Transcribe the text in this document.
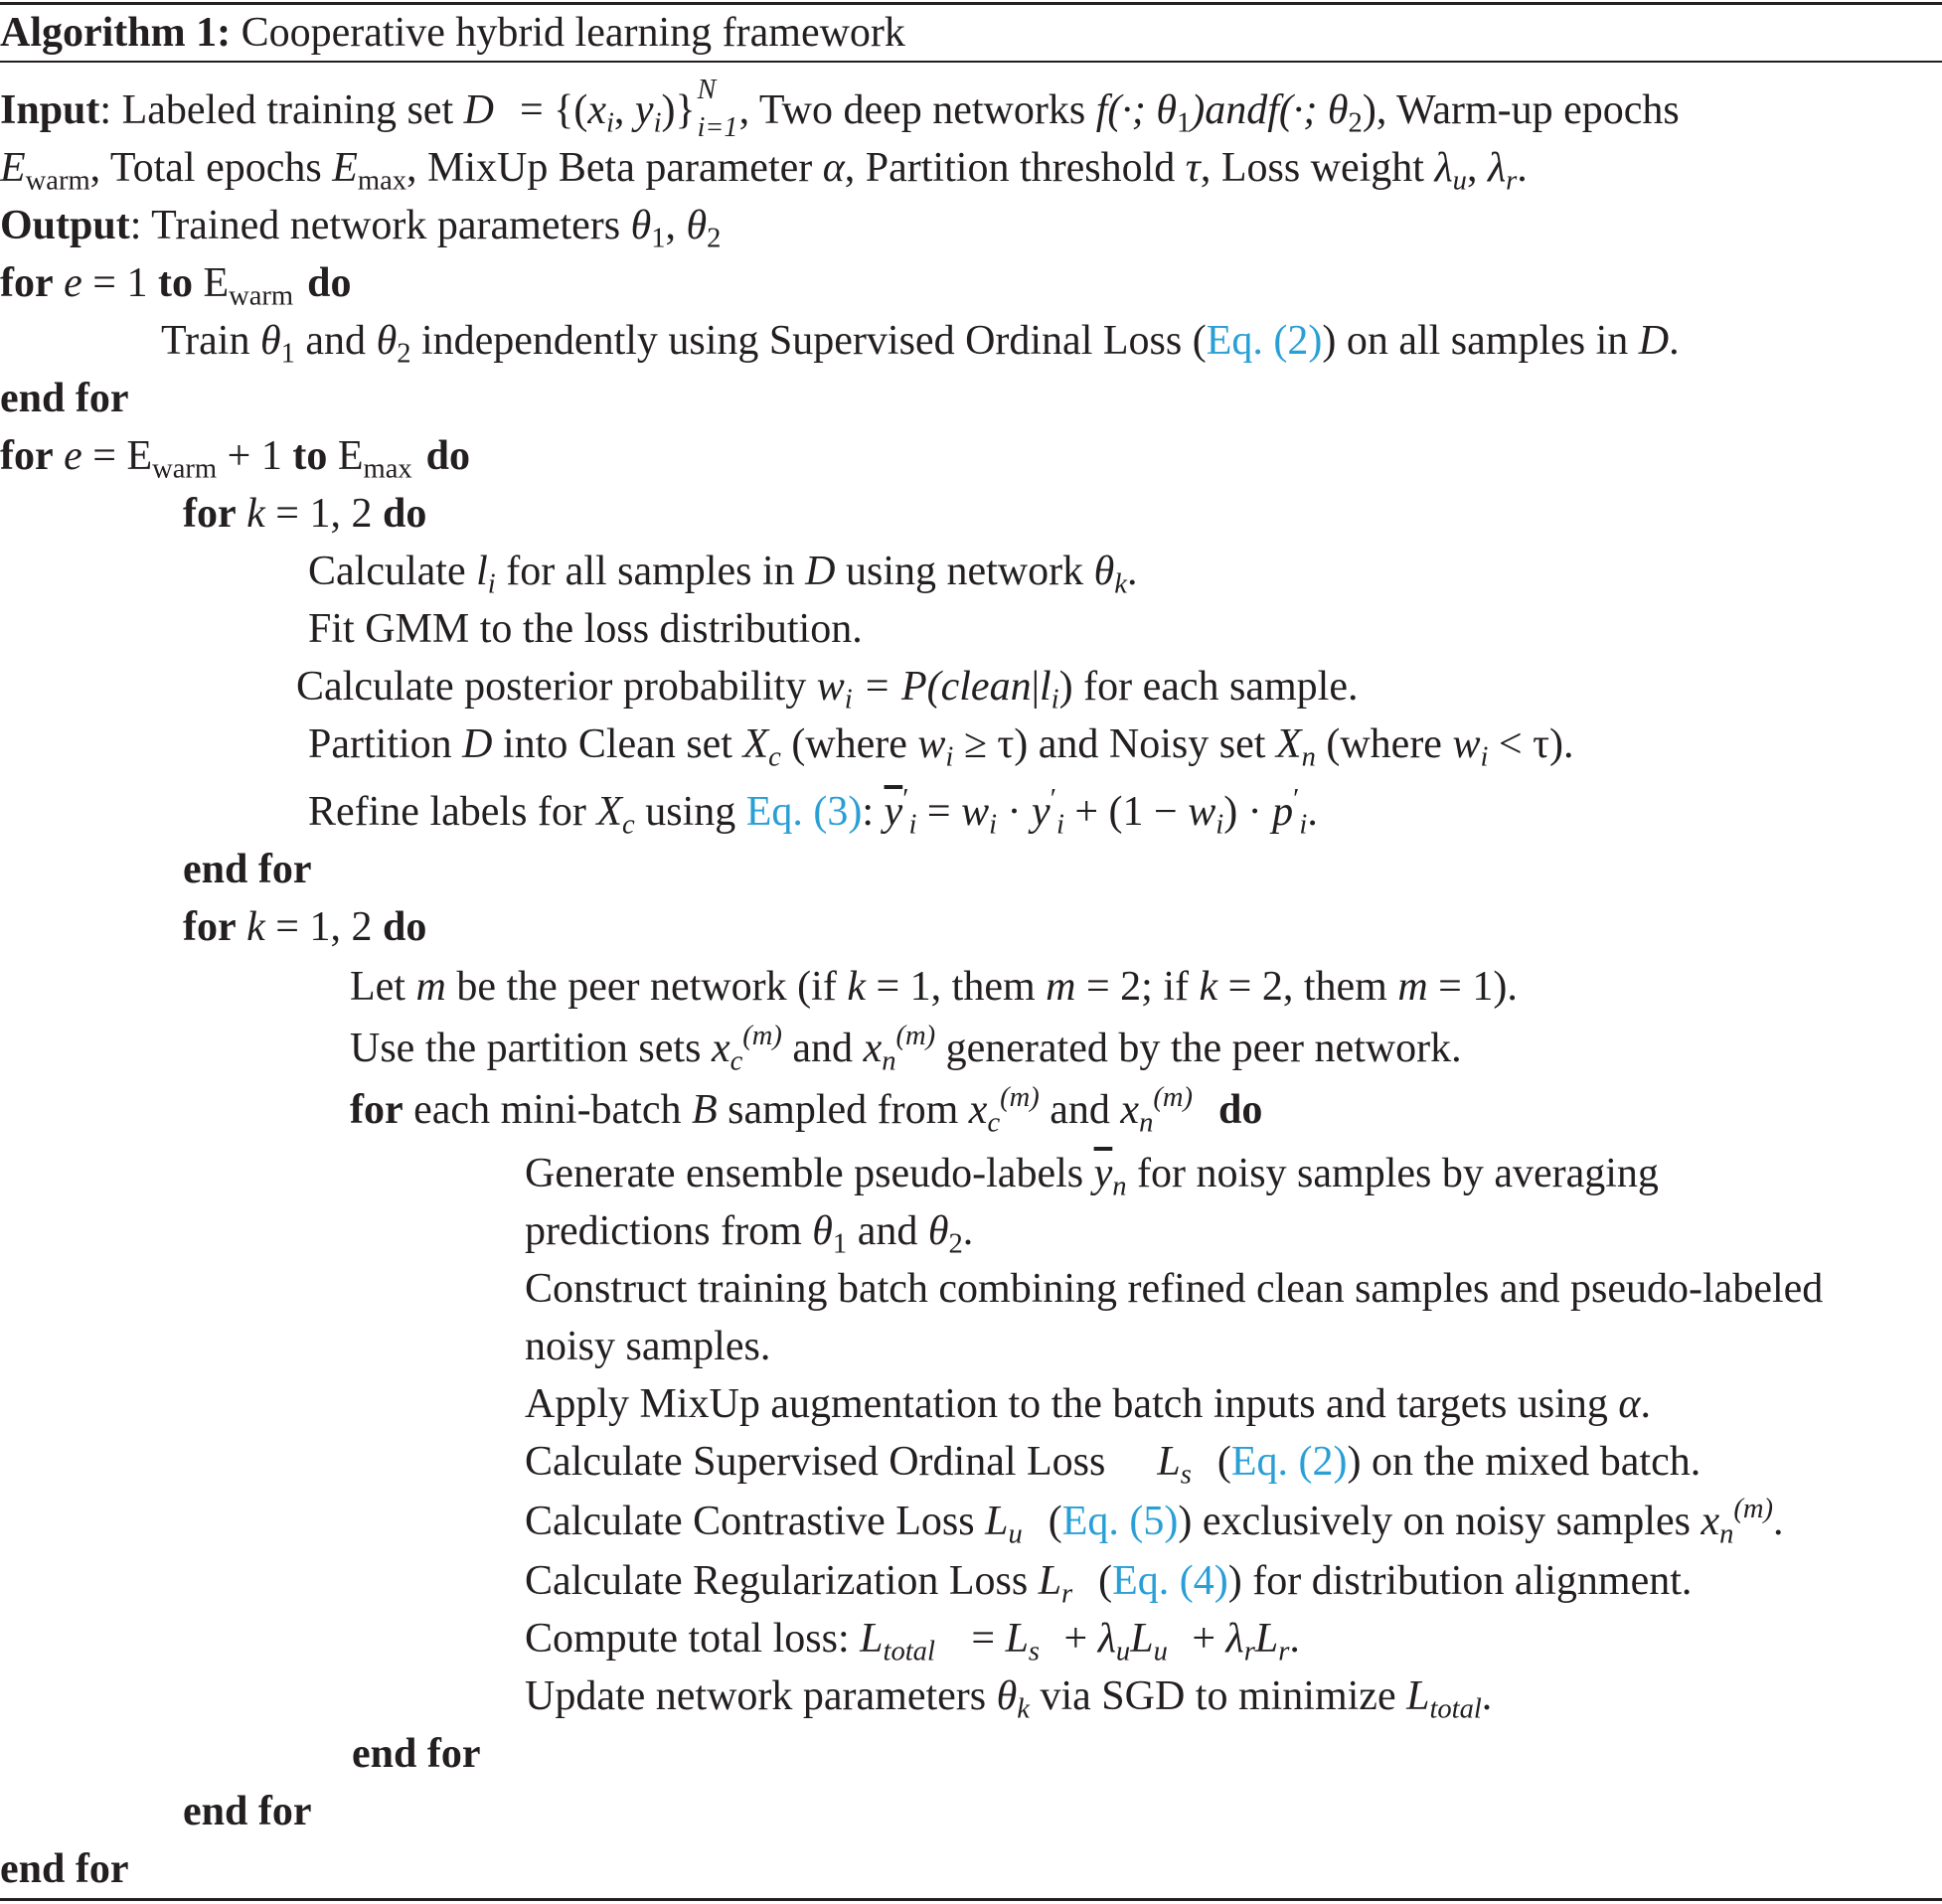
Algorithm 1: Cooperative hybrid learning framework
Input: Labeled training set $D = \{(x_i$, $y_i$)} N
i=1 , Two deep networks f(·; $\theta_1)andf(\cdot$; $\theta_2$), Warm-up epochs
$E_{warm}$, Total epochs $E_{max}$, MixUp Beta parameter α, Partition threshold τ, Loss weight $\lambda_u$, $\lambda_r$.
Output: Trained network parameters $\theta_1$, $\theta_2$
for e = 1 to $E_{warm}$ do
Train $\theta_1$ and $\theta_2$ independently using Supervised Ordinal Loss (Eq. (2)) on all samples in D.
end for
for $e = E_{warm} + 1$ to $E_{max}$ do
for k = 1, 2 do
Calculate $l_i$ for all samples in D using network $\theta_k$.
Fit GMM to the loss distribution.
Calculate posterior probability $w_i$ = $P(clean|l_i)$ for each sample.
Partition D into Clean set $X_c$ (where $w_i \ge \tau$) and Noisy set $X_n$ (where $w_i < \tau$).
Refine labels for $X_c$ using Eq. (3): $\overline{y}'_i = w_i \cdot y'_i + (1 - w_i) \cdot p'_i$.
end for
for k = 1, 2 do
Let m be the peer network (if k = 1, them m = 2; if k = 2, them m = 1).
Use the partition sets $x_c^{(m)}$ and $x_n^{(m)}$ generated by the peer network.
for each mini-batch B sampled from $x_c^{(m)}$ and $x_n^{(m)}$ do
Generate ensemble pseudo-labels $\overline{y}_n$ for noisy samples by averaging
predictions from $\theta_1$ and $\theta_2$.
Construct training batch combining refined clean samples and pseudo-labeled
noisy samples.
Apply MixUp augmentation to the batch inputs and targets using α.
Calculate Supervised Ordinal Loss $L_s$ (Eq. (2)) on the mixed batch.
Calculate Contrastive Loss $L_u$ (Eq. (5)) exclusively on noisy samples $x_n^{(m)}$.
Calculate Regularization Loss $L_r$ (Eq. (4)) for distribution alignment.
Compute total loss: $L_{total} = L_s + \lambda_uL_u + \lambda_rL_r$.
Update network parameters $\theta_k$ via SGD to minimize $L_{total}$.
end for
end for
end for
